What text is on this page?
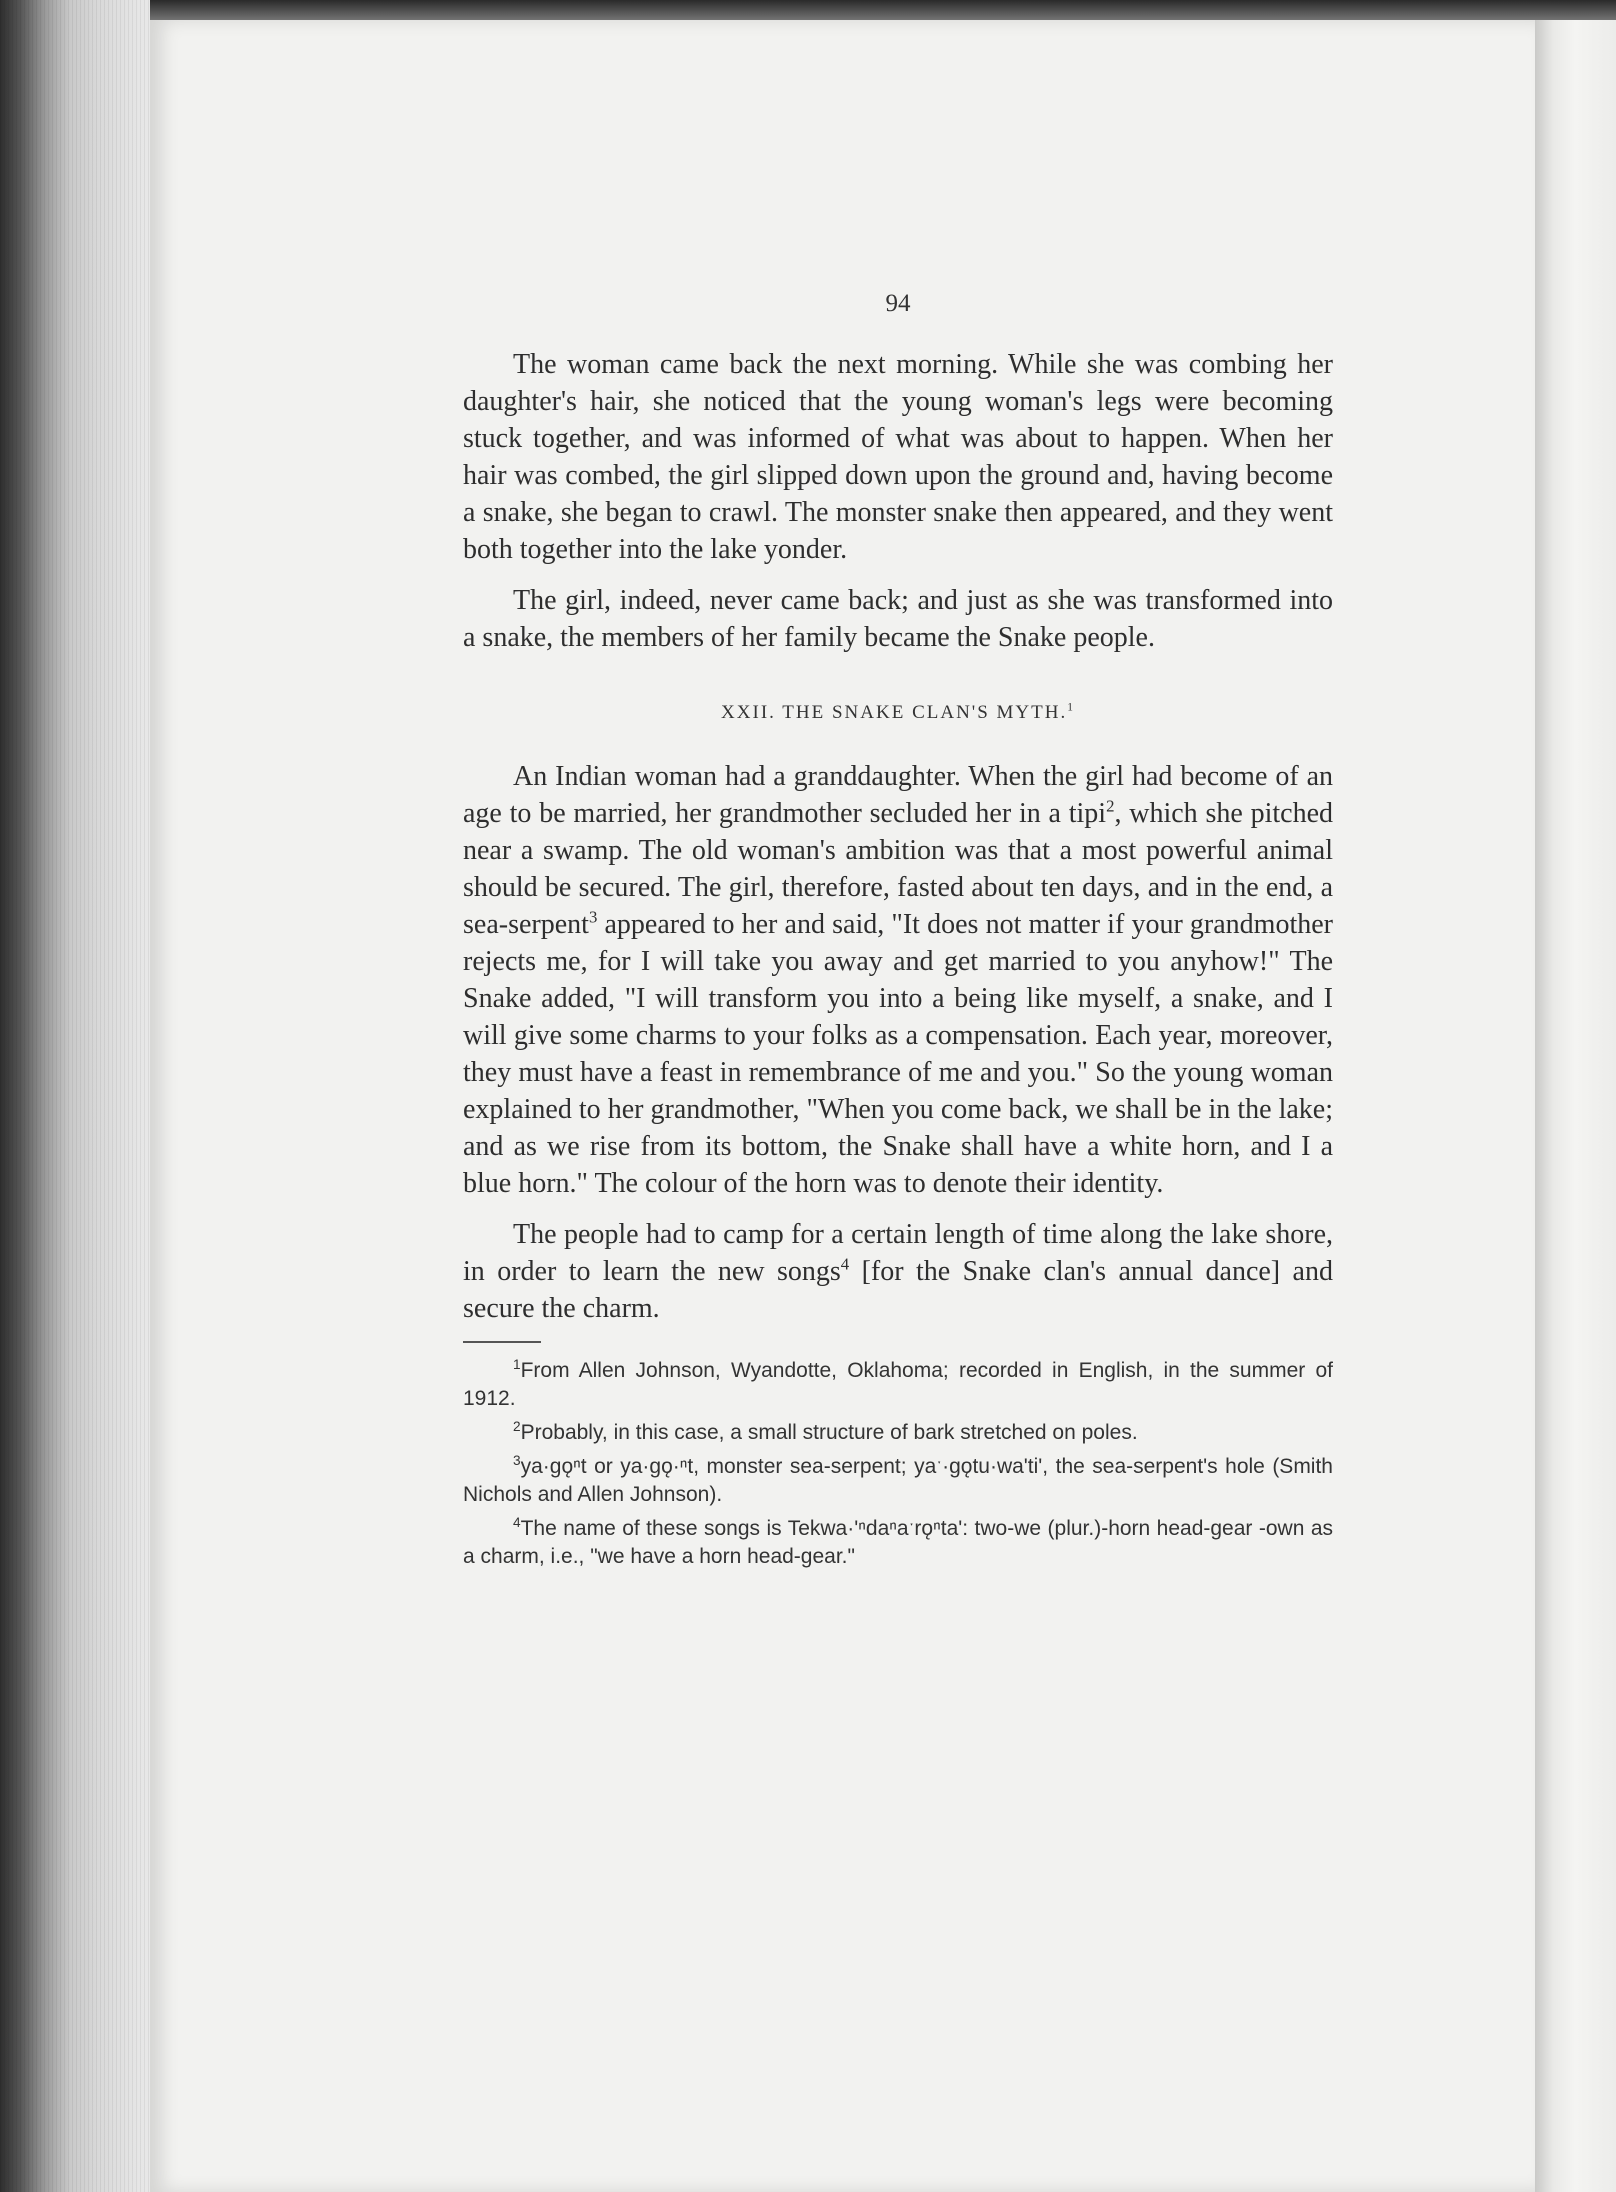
94

The woman came back the next morning. While she was combing her daughter's hair, she noticed that the young woman's legs were becoming stuck together, and was informed of what was about to happen. When her hair was combed, the girl slipped down upon the ground and, having become a snake, she began to crawl. The monster snake then appeared, and they went both together into the lake yonder.

The girl, indeed, never came back; and just as she was transformed into a snake, the members of her family became the Snake people.

XXII. THE SNAKE CLAN'S MYTH.$^1$

An Indian woman had a granddaughter. When the girl had become of an age to be married, her grandmother secluded her in a tipi$^2$, which she pitched near a swamp. The old woman's ambition was that a most powerful animal should be secured. The girl, therefore, fasted about ten days, and in the end, a sea-serpent$^3$ appeared to her and said, "It does not matter if your grandmother rejects me, for I will take you away and get married to you anyhow!" The Snake added, "I will transform you into a being like myself, a snake, and I will give some charms to your folks as a compensation. Each year, moreover, they must have a feast in remembrance of me and you." So the young woman explained to her grandmother, "When you come back, we shall be in the lake; and as we rise from its bottom, the Snake shall have a white horn, and I a blue horn." The colour of the horn was to denote their identity.

The people had to camp for a certain length of time along the lake shore, in order to learn the new songs$^4$ [for the Snake clan's annual dance] and secure the charm.

$^1$From Allen Johnson, Wyandotte, Oklahoma; recorded in English, in the summer of 1912.

$^2$Probably, in this case, a small structure of bark stretched on poles.

$^3$ya·gǫⁿt or ya·gǫ·ⁿt, monster sea-serpent; yaˑ·gǫtu·wa'ti', the sea-serpent's hole (Smith Nichols and Allen Johnson).

$^4$The name of these songs is Tekwa·'ⁿdaⁿaˑrǫⁿta': two-we (plur.)-horn head-gear -own as a charm, i.e., "we have a horn head-gear."
